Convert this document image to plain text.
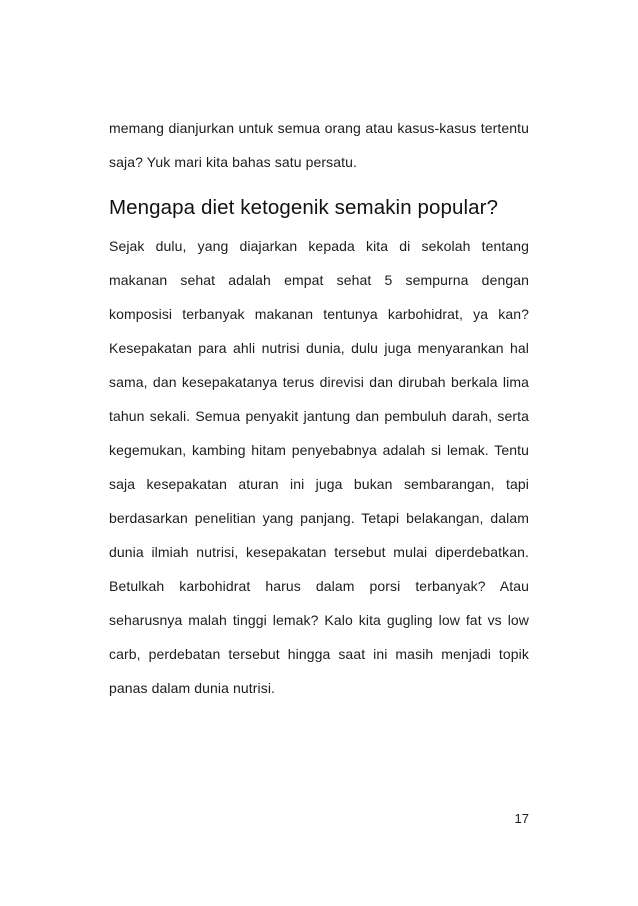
memang dianjurkan untuk semua orang atau kasus-kasus tertentu saja? Yuk mari kita bahas satu persatu.

Mengapa diet ketogenik semakin popular?

Sejak dulu, yang diajarkan kepada kita di sekolah tentang makanan sehat adalah empat sehat 5 sempurna dengan komposisi terbanyak makanan tentunya karbohidrat, ya kan? Kesepakatan para ahli nutrisi dunia, dulu juga menyarankan hal sama, dan kesepakatanya terus direvisi dan dirubah berkala lima tahun sekali. Semua penyakit jantung dan pembuluh darah, serta kegemukan, kambing hitam penyebabnya adalah si lemak. Tentu saja kesepakatan aturan ini juga bukan sembarangan, tapi berdasarkan penelitian yang panjang. Tetapi belakangan, dalam dunia ilmiah nutrisi, kesepakatan tersebut mulai diperdebatkan. Betulkah karbohidrat harus dalam porsi terbanyak? Atau seharusnya malah tinggi lemak? Kalo kita gugling low fat vs low carb, perdebatan tersebut hingga saat ini masih menjadi topik panas dalam dunia nutrisi.

17
